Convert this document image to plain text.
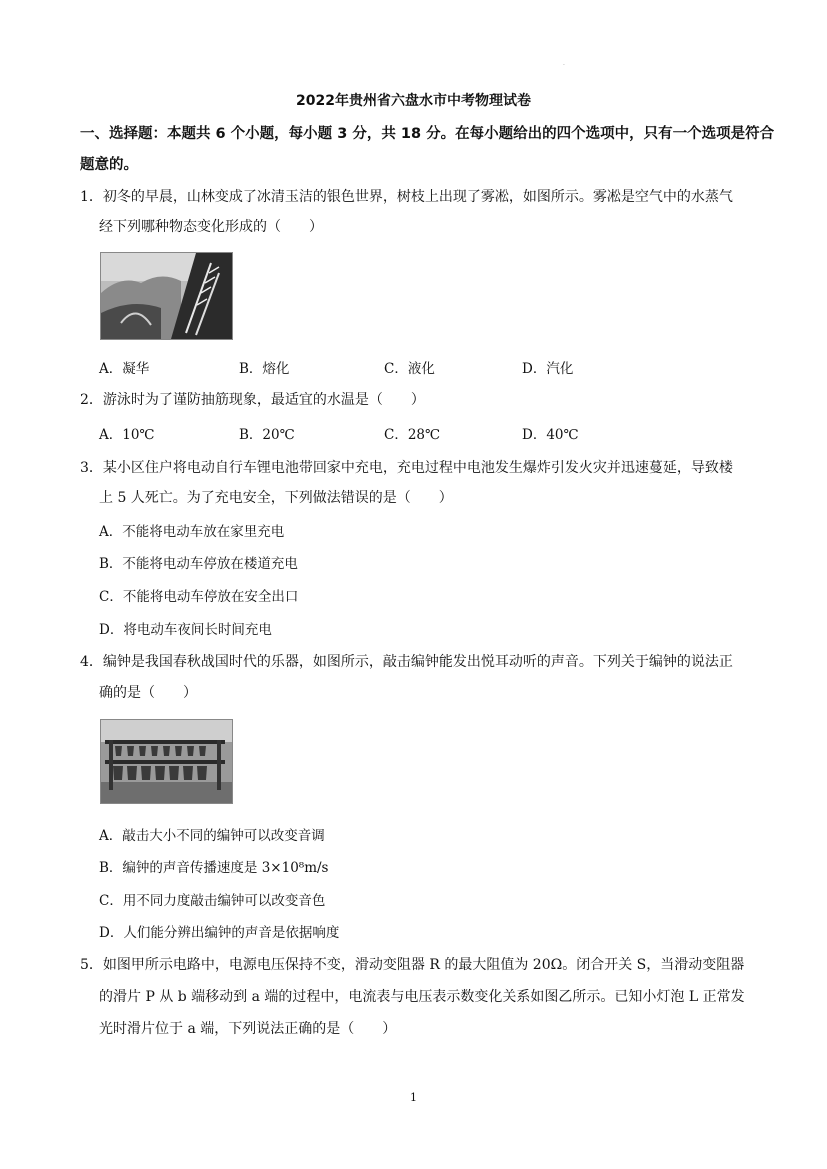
.
2022年贵州省六盘水市中考物理试卷
一、选择题：本题共 6 个小题，每小题 3 分，共 18 分。在每小题给出的四个选项中，只有一个选项是符合
题意的。
1．初冬的早晨，山林变成了冰清玉洁的银色世界，树枝上出现了雾凇，如图所示。雾凇是空气中的水蒸气
经下列哪种物态变化形成的（　　）
A．凝华	B．熔化	C．液化	D．汽化
2．游泳时为了谨防抽筋现象，最适宜的水温是（　　）
A．10℃	B．20℃	C．28℃	D．40℃
3．某小区住户将电动自行车锂电池带回家中充电，充电过程中电池发生爆炸引发火灾并迅速蔓延，导致楼
上 5 人死亡。为了充电安全，下列做法错误的是（　　）
A．不能将电动车放在家里充电
B．不能将电动车停放在楼道充电
C．不能将电动车停放在安全出口
D．将电动车夜间长时间充电
4．编钟是我国春秋战国时代的乐器，如图所示，敲击编钟能发出悦耳动听的声音。下列关于编钟的说法正
确的是（　　）
A．敲击大小不同的编钟可以改变音调
B．编钟的声音传播速度是 3×10⁸m/s
C．用不同力度敲击编钟可以改变音色
D．人们能分辨出编钟的声音是依据响度
5．如图甲所示电路中，电源电压保持不变，滑动变阻器 R 的最大阻值为 20Ω。闭合开关 S，当滑动变阻器
的滑片 P 从 b 端移动到 a 端的过程中，电流表与电压表示数变化关系如图乙所示。已知小灯泡 L 正常发
光时滑片位于 a 端，下列说法正确的是（　　）
1
